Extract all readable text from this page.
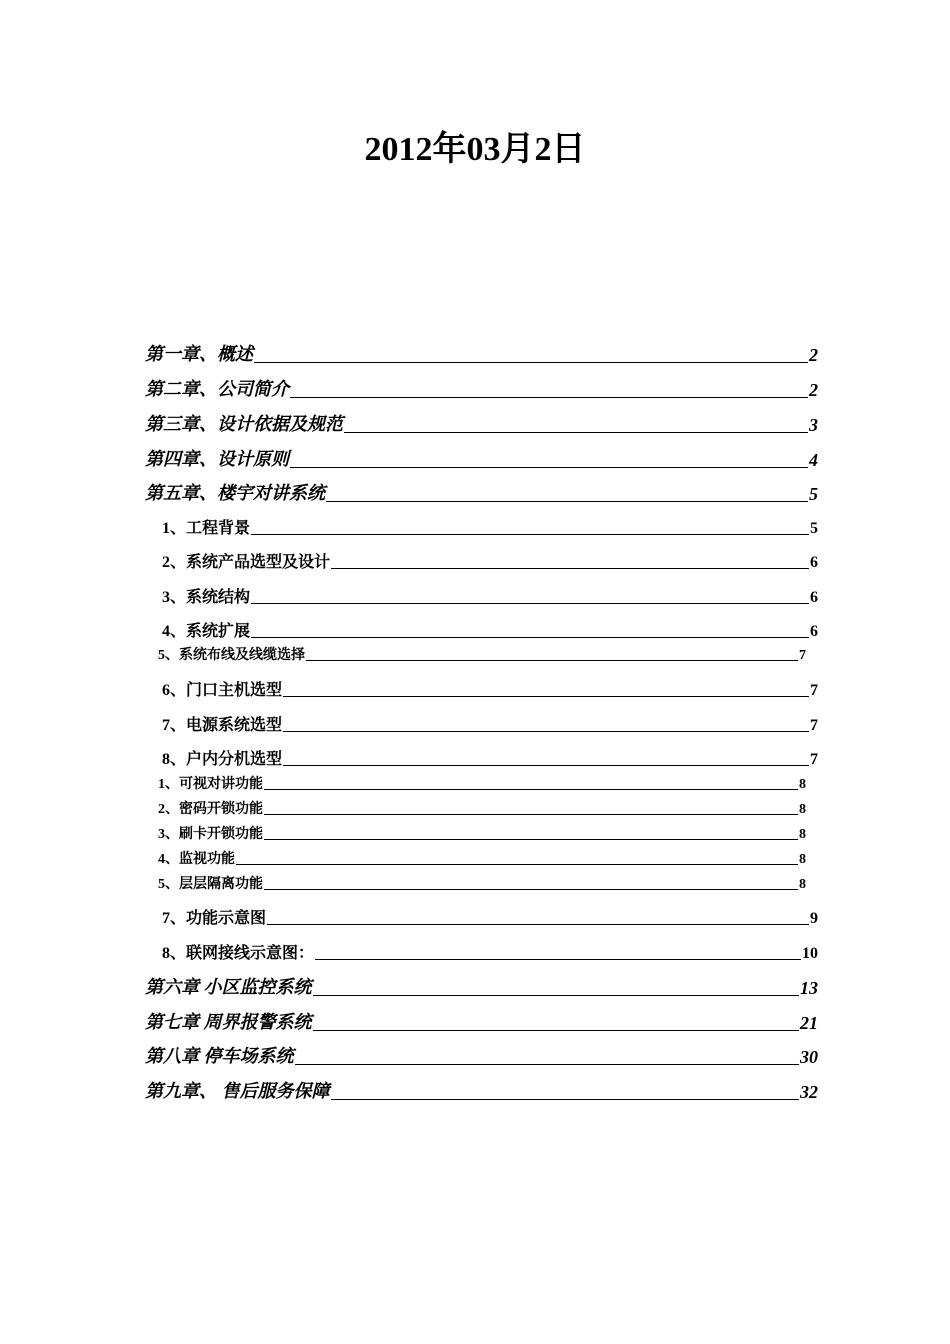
2012年03月2日
第一章、概述	2
第二章、公司简介	2
第三章、设计依据及规范	3
第四章、设计原则	4
第五章、楼宇对讲系统	5
1、工程背景	5
2、系统产品选型及设计	6
3、系统结构	6
4、系统扩展	6
5、系统布线及线缆选择	7
6、门口主机选型	7
7、电源系统选型	7
8、户内分机选型	7
1、可视对讲功能	8
2、密码开锁功能	8
3、刷卡开锁功能	8
4、监视功能	8
5、层层隔离功能	8
7、功能示意图	9
8、联网接线示意图：	10
第六章 小区监控系统	13
第七章 周界报警系统	21
第八章 停车场系统	30
第九章、 售后服务保障	32
